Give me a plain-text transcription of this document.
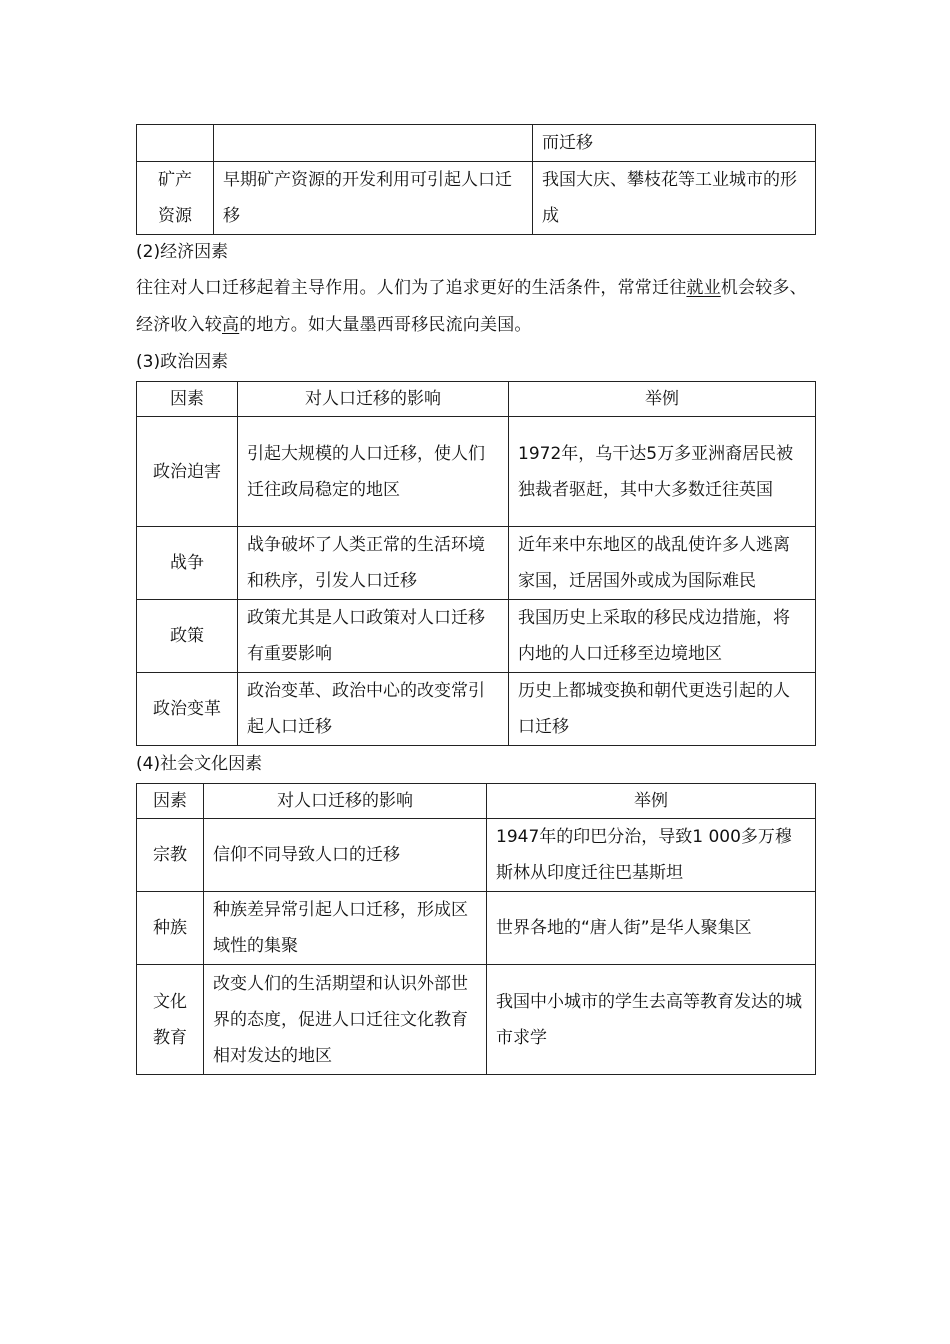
		而迁移
矿产资源	早期矿产资源的开发利用可引起人口迁移	我国大庆、攀枝花等工业城市的形成

(2)经济因素

往往对人口迁移起着主导作用。人们为了追求更好的生活条件，常常迁往就业机会较多、经济收入较高的地方。如大量墨西哥移民流向美国。

(3)政治因素

因素	对人口迁移的影响	举例
政治迫害	引起大规模的人口迁移，使人们迁往政局稳定的地区	1972年，乌干达5万多亚洲裔居民被独裁者驱赶，其中大多数迁往英国
战争	战争破坏了人类正常的生活环境和秩序，引发人口迁移	近年来中东地区的战乱使许多人逃离家国，迁居国外或成为国际难民
政策	政策尤其是人口政策对人口迁移有重要影响	我国历史上采取的移民戍边措施，将内地的人口迁移至边境地区
政治变革	政治变革、政治中心的改变常引起人口迁移	历史上都城变换和朝代更迭引起的人口迁移

(4)社会文化因素

因素	对人口迁移的影响	举例
宗教	信仰不同导致人口的迁移	1947年的印巴分治，导致1 000多万穆斯林从印度迁往巴基斯坦
种族	种族差异常引起人口迁移，形成区域性的集聚	世界各地的“唐人街”是华人聚集区
文化教育	改变人们的生活期望和认识外部世界的态度，促进人口迁往文化教育相对发达的地区	我国中小城市的学生去高等教育发达的城市求学
